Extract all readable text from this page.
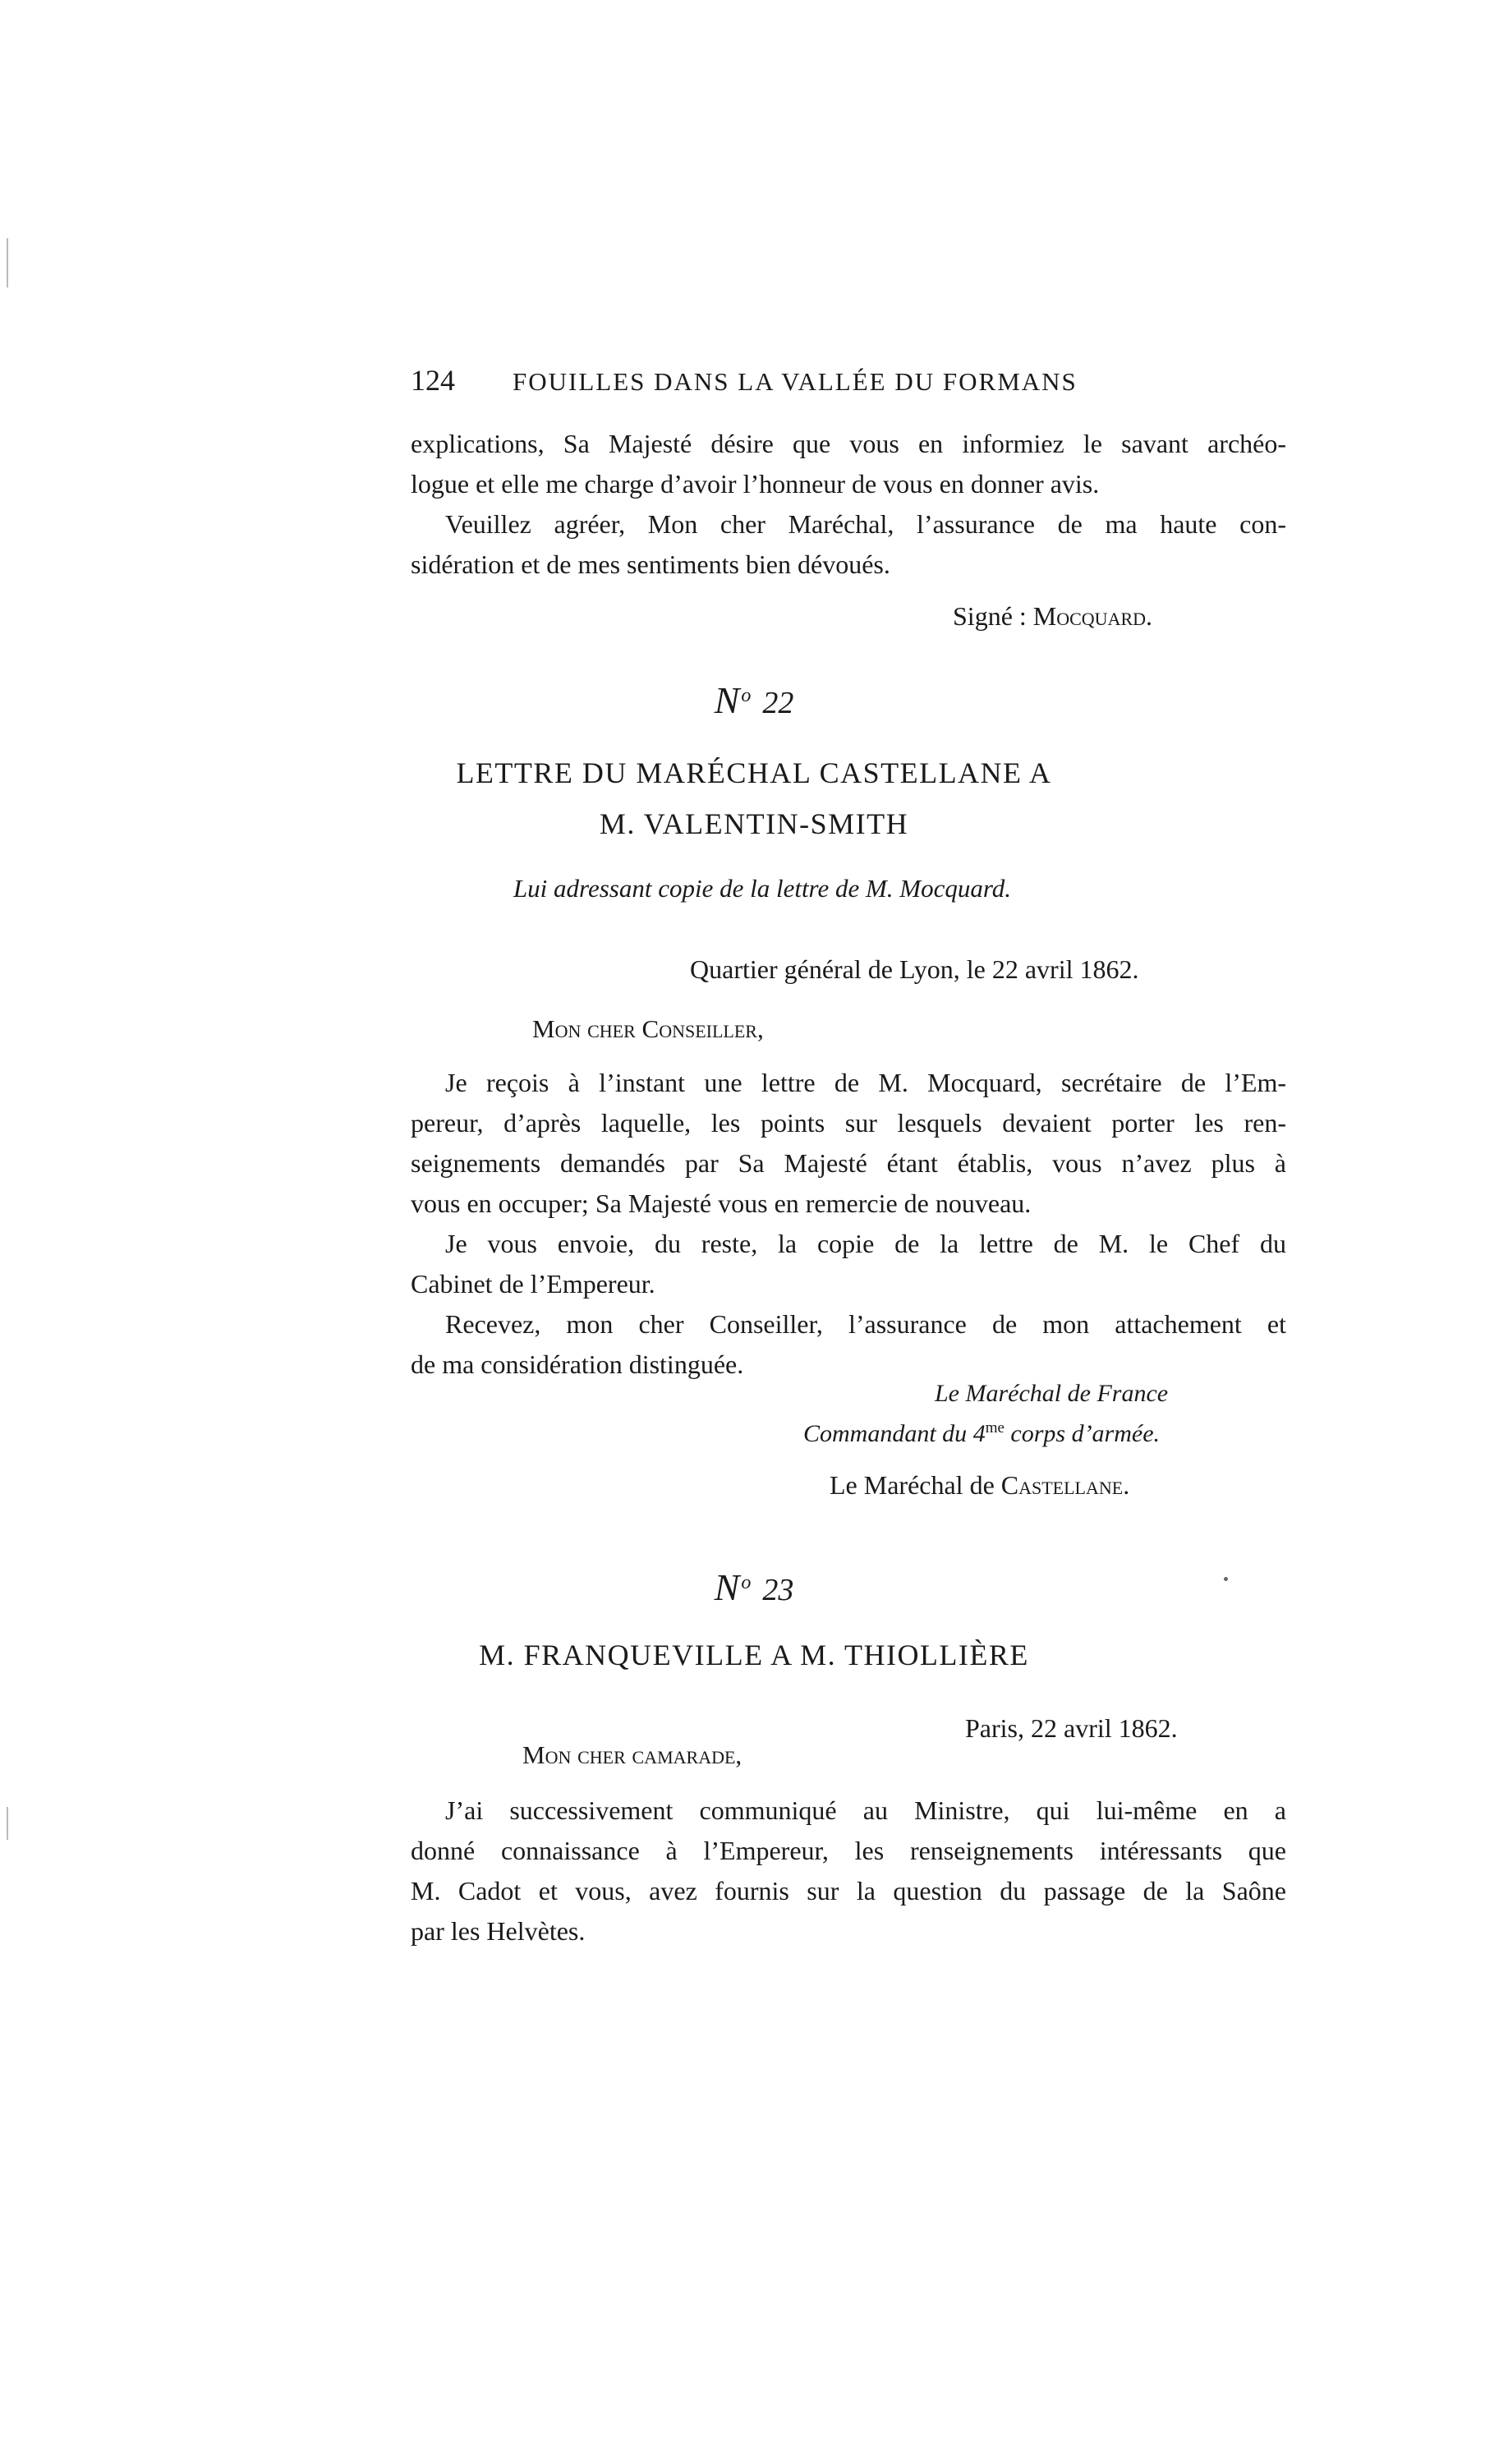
124 FOUILLES DANS LA VALLÉE DU FORMANS
explications, Sa Majesté désire que vous en informiez le savant archéo-
logue et elle me charge d’avoir l’honneur de vous en donner avis.
Veuillez agréer, Mon cher Maréchal, l’assurance de ma haute con-
sidération et de mes sentiments bien dévoués.
Signé : Mocquard.
$N^o$ 22
LETTRE DU MARÉCHAL CASTELLANE A
M. VALENTIN-SMITH
Lui adressant copie de la lettre de M. Mocquard.
Quartier général de Lyon, le 22 avril 1862.
Mon cher Conseiller,
Je reçois à l’instant une lettre de M. Mocquard, secrétaire de l’Em-
pereur, d’après laquelle, les points sur lesquels devaient porter les ren-
seignements demandés par Sa Majesté étant établis, vous n’avez plus à
vous en occuper; Sa Majesté vous en remercie de nouveau.
Je vous envoie, du reste, la copie de la lettre de M. le Chef du
Cabinet de l’Empereur.
Recevez, mon cher Conseiller, l’assurance de mon attachement et
de ma considération distinguée.
Le Maréchal de France
Commandant du $4^{me}$ corps d’armée.
Le Maréchal de Castellane.
$N^o$ 23
M. FRANQUEVILLE A M. THIOLLIÈRE
Paris, 22 avril 1862.
Mon cher camarade,
J’ai successivement communiqué au Ministre, qui lui-même en a
donné connaissance à l’Empereur, les renseignements intéressants que
M. Cadot et vous, avez fournis sur la question du passage de la Saône
par les Helvètes.
